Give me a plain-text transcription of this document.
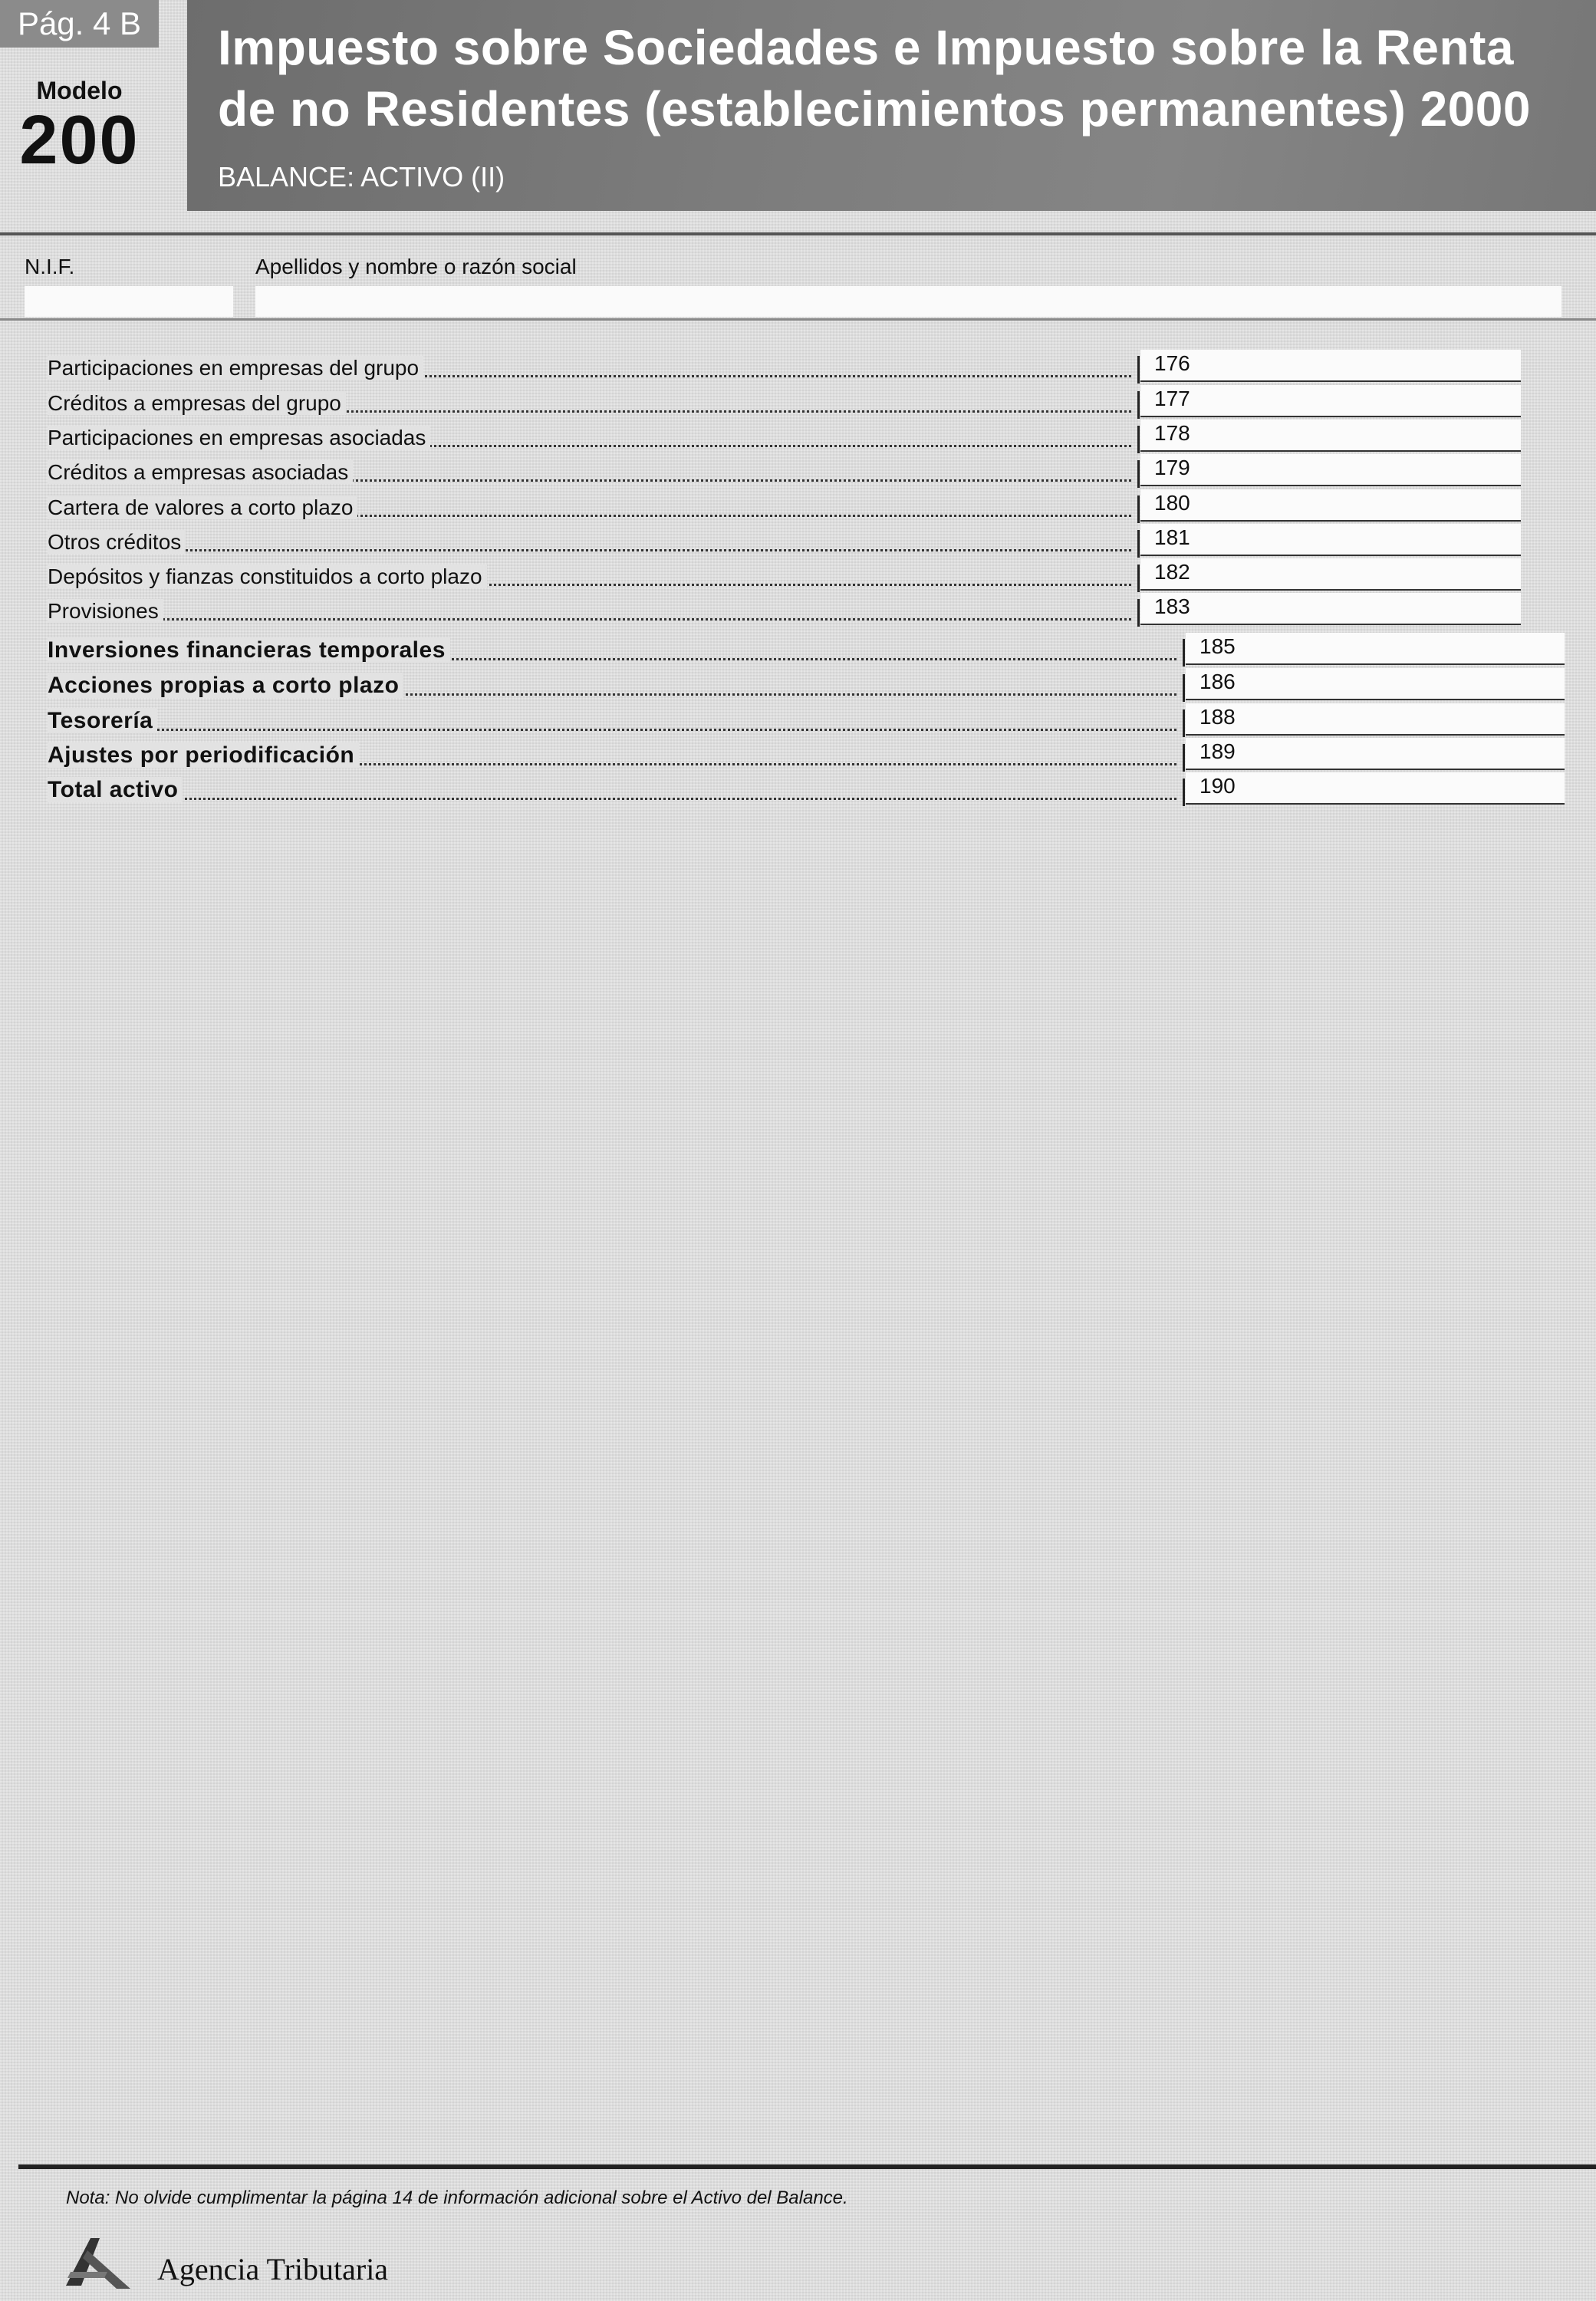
Pág. 4 B
Modelo
200
Impuesto sobre Sociedades e Impuesto sobre la Renta de no Residentes (establecimientos permanentes) 2000
BALANCE: ACTIVO (II)
N.I.F.	Apellidos y nombre o razón social
Participaciones en empresas del grupo	176
Créditos a empresas del grupo	177
Participaciones en empresas asociadas	178
Créditos a empresas asociadas	179
Cartera de valores a corto plazo	180
Otros créditos	181
Depósitos y fianzas constituidos a corto plazo	182
Provisiones	183
Inversiones financieras temporales	185
Acciones propias a corto plazo	186
Tesorería	188
Ajustes por periodificación	189
Total activo	190
Nota: No olvide cumplimentar la página 14 de información adicional sobre el Activo del Balance.
Agencia Tributaria
